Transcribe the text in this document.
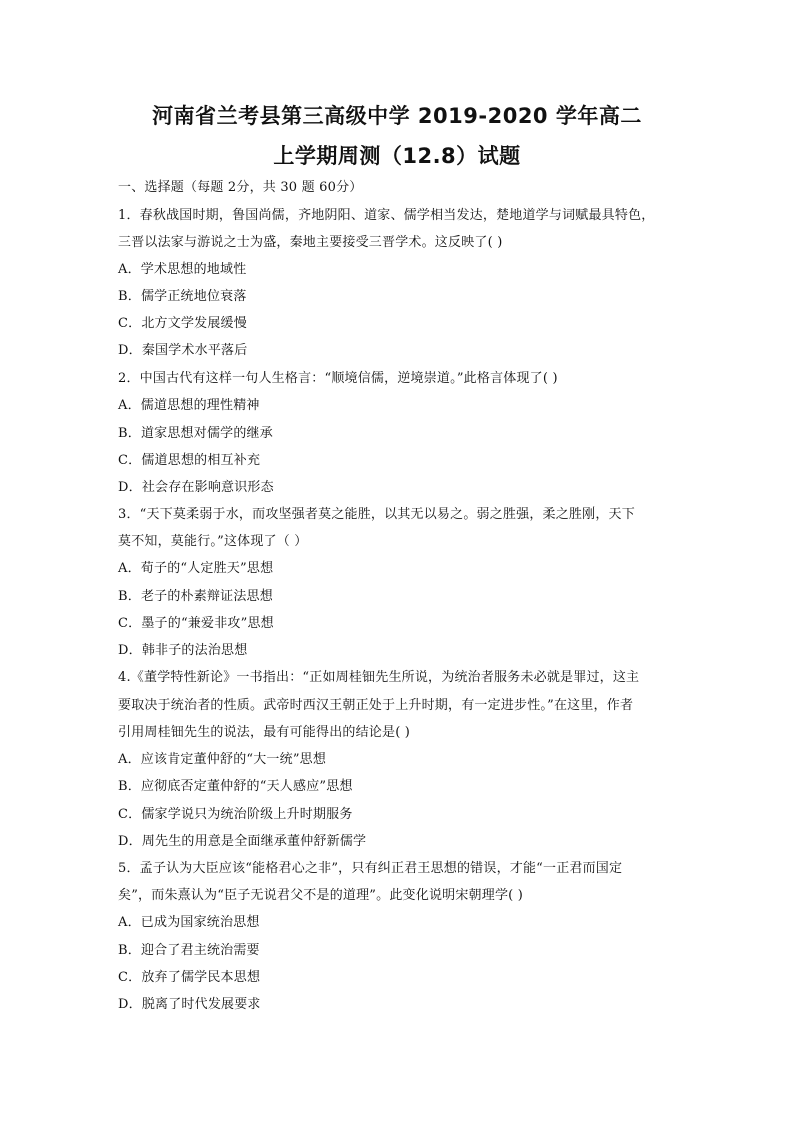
河南省兰考县第三高级中学 2019-2020 学年高二
上学期周测（12.8）试题
一、选择题（每题 2分，共 30 题 60分）
1．春秋战国时期，鲁国尚儒，齐地阴阳、道家、儒学相当发达，楚地道学与词赋最具特色，
三晋以法家与游说之士为盛，秦地主要接受三晋学术。这反映了( )
A．学术思想的地域性
B．儒学正统地位衰落
C．北方文学发展缓慢
D．秦国学术水平落后
2．中国古代有这样一句人生格言：“顺境信儒，逆境崇道。”此格言体现了( )
A．儒道思想的理性精神
B．道家思想对儒学的继承
C．儒道思想的相互补充
D．社会存在影响意识形态
3．“天下莫柔弱于水，而攻坚强者莫之能胜，以其无以易之。弱之胜强，柔之胜刚，天下
莫不知，莫能行。”这体现了（ ）
A．荀子的“人定胜天”思想
B．老子的朴素辩证法思想
C．墨子的“兼爱非攻”思想
D．韩非子的法治思想
4.《董学特性新论》一书指出：“正如周桂钿先生所说，为统治者服务未必就是罪过，这主
要取决于统治者的性质。武帝时西汉王朝正处于上升时期，有一定进步性。”在这里，作者
引用周桂钿先生的说法，最有可能得出的结论是( )
A．应该肯定董仲舒的“大一统”思想
B．应彻底否定董仲舒的“天人感应”思想
C．儒家学说只为统治阶级上升时期服务
D．周先生的用意是全面继承董仲舒新儒学
5．孟子认为大臣应该“能格君心之非”，只有纠正君王思想的错误，才能“一正君而国定
矣”，而朱熹认为“臣子无说君父不是的道理”。此变化说明宋朝理学( )
A．已成为国家统治思想
B．迎合了君主统治需要
C．放弃了儒学民本思想
D．脱离了时代发展要求
